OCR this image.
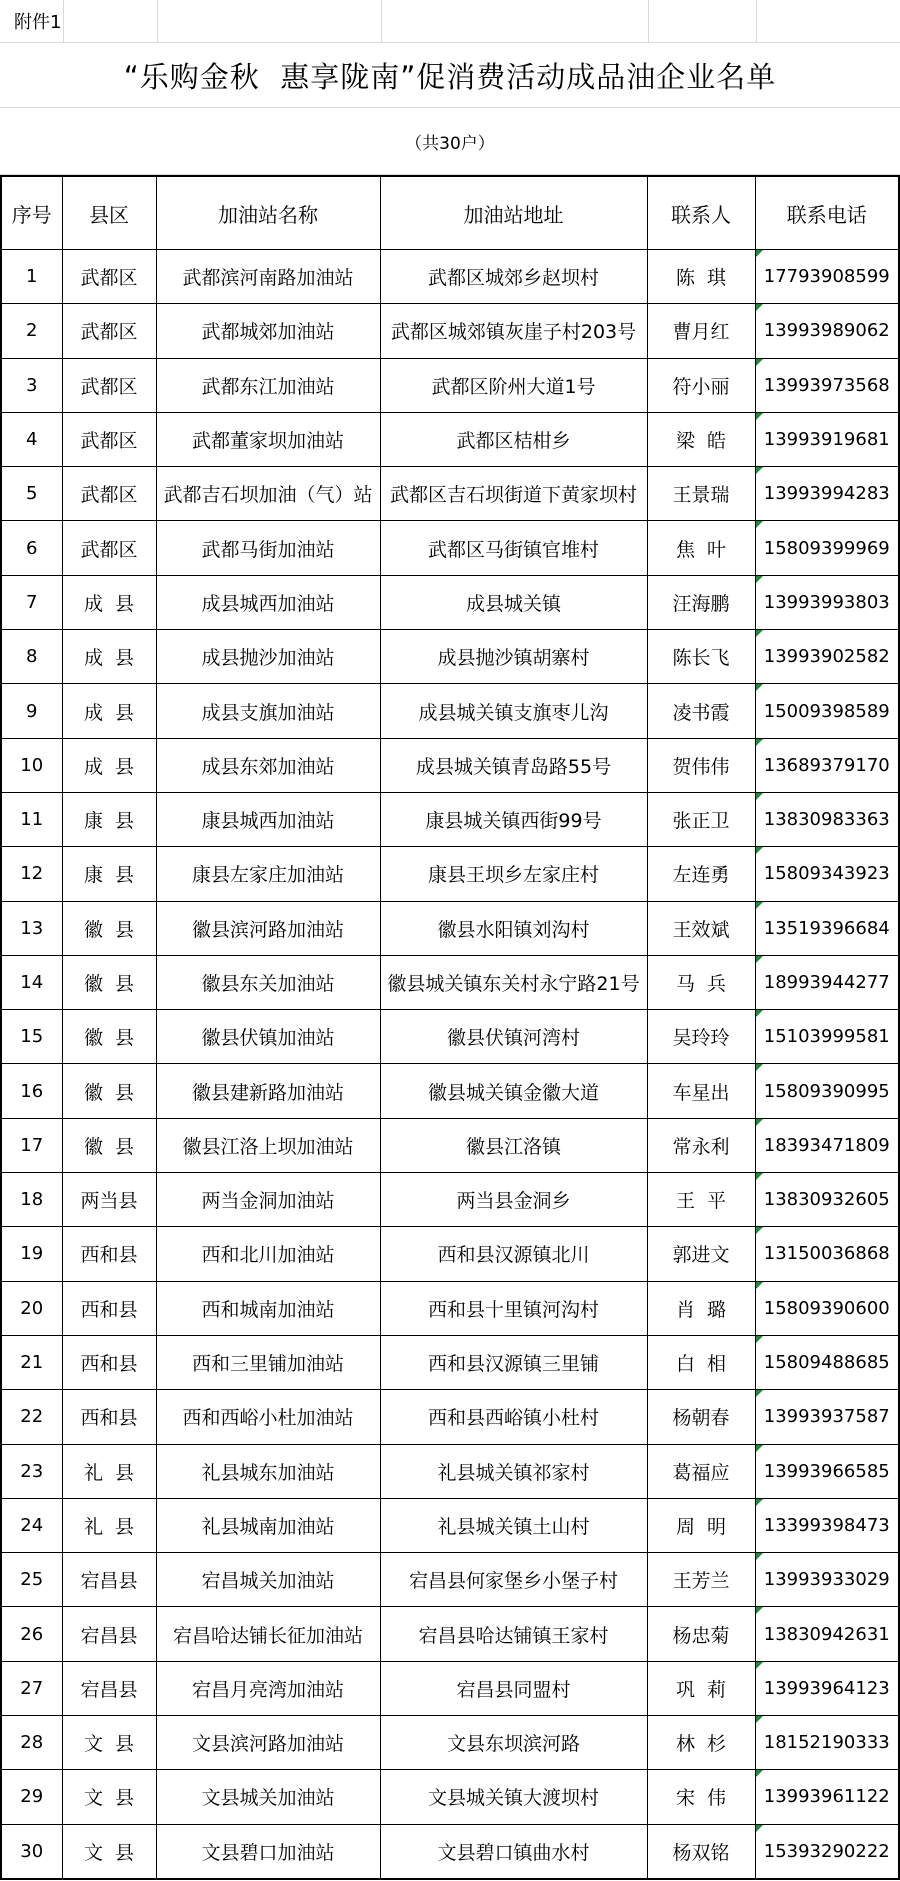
附件1					
“乐购金秋  惠享陇南”促消费活动成品油企业名单
（共30户）
序号	县区	加油站名称	加油站地址	联系人	联系电话
1	武都区	武都滨河南路加油站	武都区城郊乡赵坝村	陈  琪	17793908599
2	武都区	武都城郊加油站	武都区城郊镇灰崖子村203号	曹月红	13993989062
3	武都区	武都东江加油站	武都区阶州大道1号	符小丽	13993973568
4	武都区	武都董家坝加油站	武都区桔柑乡	梁  皓	13993919681
5	武都区	武都吉石坝加油（气）站	武都区吉石坝街道下黄家坝村	王景瑞	13993994283
6	武都区	武都马街加油站	武都区马街镇官堆村	焦  叶	15809399969
7	成  县	成县城西加油站	成县城关镇	汪海鹏	13993993803
8	成  县	成县抛沙加油站	成县抛沙镇胡寨村	陈长飞	13993902582
9	成  县	成县支旗加油站	成县城关镇支旗枣儿沟	凌书霞	15009398589
10	成  县	成县东郊加油站	成县城关镇青岛路55号	贺伟伟	13689379170
11	康  县	康县城西加油站	康县城关镇西街99号	张正卫	13830983363
12	康  县	康县左家庄加油站	康县王坝乡左家庄村	左连勇	15809343923
13	徽  县	徽县滨河路加油站	徽县水阳镇刘沟村	王效斌	13519396684
14	徽  县	徽县东关加油站	徽县城关镇东关村永宁路21号	马  兵	18993944277
15	徽  县	徽县伏镇加油站	徽县伏镇河湾村	吴玲玲	15103999581
16	徽  县	徽县建新路加油站	徽县城关镇金徽大道	车星出	15809390995
17	徽  县	徽县江洛上坝加油站	徽县江洛镇	常永利	18393471809
18	两当县	两当金洞加油站	两当县金洞乡	王  平	13830932605
19	西和县	西和北川加油站	西和县汉源镇北川	郭进文	13150036868
20	西和县	西和城南加油站	西和县十里镇河沟村	肖  璐	15809390600
21	西和县	西和三里铺加油站	西和县汉源镇三里铺	白  相	15809488685
22	西和县	西和西峪小杜加油站	西和县西峪镇小杜村	杨朝春	13993937587
23	礼  县	礼县城东加油站	礼县城关镇祁家村	葛福应	13993966585
24	礼  县	礼县城南加油站	礼县城关镇土山村	周  明	13399398473
25	宕昌县	宕昌城关加油站	宕昌县何家堡乡小堡子村	王芳兰	13993933029
26	宕昌县	宕昌哈达铺长征加油站	宕昌县哈达铺镇王家村	杨忠菊	13830942631
27	宕昌县	宕昌月亮湾加油站	宕昌县同盟村	巩  莉	13993964123
28	文  县	文县滨河路加油站	文县东坝滨河路	林  杉	18152190333
29	文  县	文县城关加油站	文县城关镇大渡坝村	宋  伟	13993961122
30	文  县	文县碧口加油站	文县碧口镇曲水村	杨双铭	15393290222
